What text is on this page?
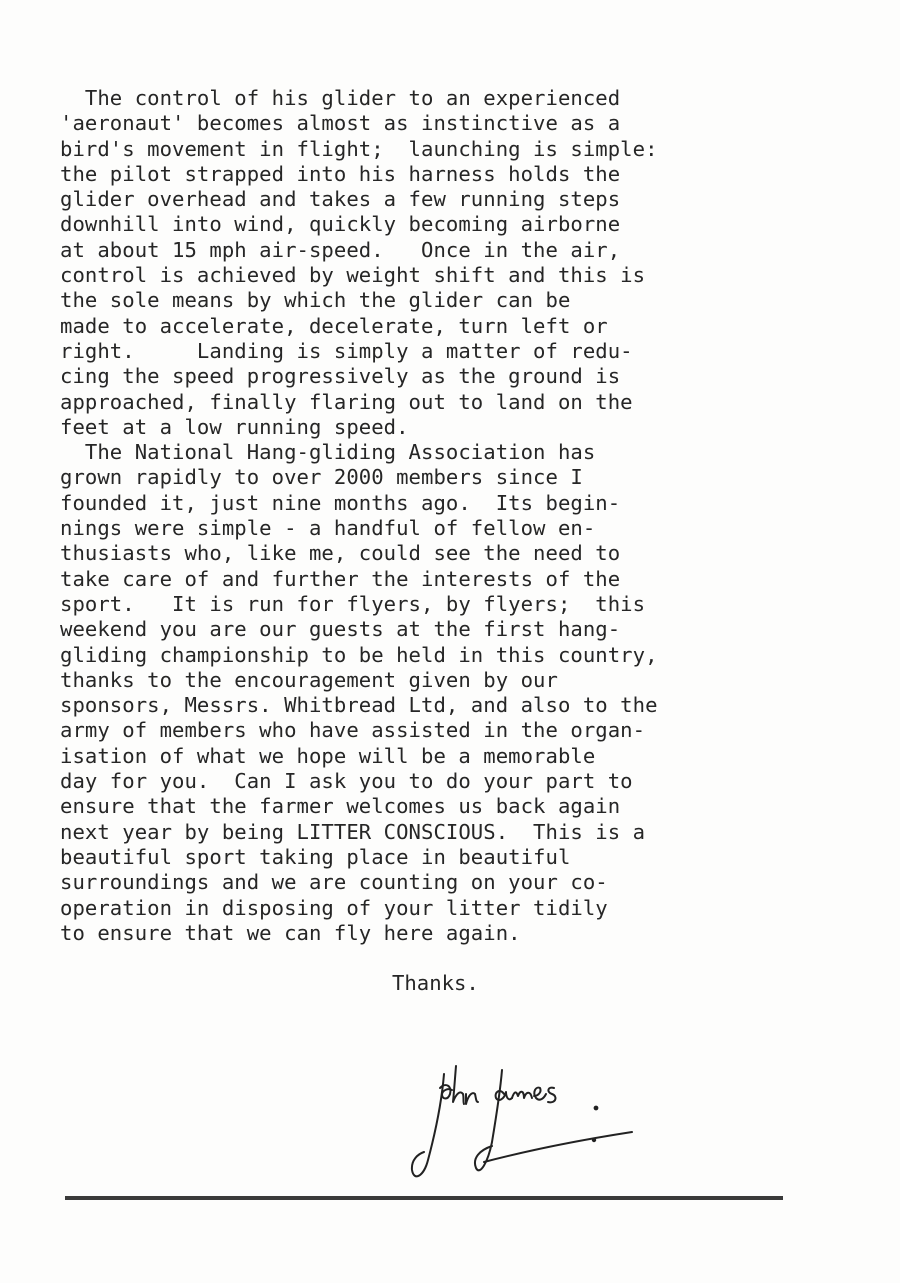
The control of his glider to an experienced
'aeronaut' becomes almost as instinctive as a
bird's movement in flight;  launching is simple:
the pilot strapped into his harness holds the
glider overhead and takes a few running steps
downhill into wind, quickly becoming airborne
at about 15 mph air-speed.   Once in the air,
control is achieved by weight shift and this is
the sole means by which the glider can be
made to accelerate, decelerate, turn left or
right.     Landing is simply a matter of redu-
cing the speed progressively as the ground is
approached, finally flaring out to land on the
feet at a low running speed.
The National Hang-gliding Association has
grown rapidly to over 2000 members since I
founded it, just nine months ago.  Its begin-
nings were simple - a handful of fellow en-
thusiasts who, like me, could see the need to
take care of and further the interests of the
sport.   It is run for flyers, by flyers;  this
weekend you are our guests at the first hang-
gliding championship to be held in this country,
thanks to the encouragement given by our
sponsors, Messrs. Whitbread Ltd, and also to the
army of members who have assisted in the organ-
isation of what we hope will be a memorable
day for you.  Can I ask you to do your part to
ensure that the farmer welcomes us back again
next year by being LITTER CONSCIOUS.  This is a
beautiful sport taking place in beautiful
surroundings and we are counting on your co-
operation in disposing of your litter tidily
to ensure that we can fly here again.
Thanks.
